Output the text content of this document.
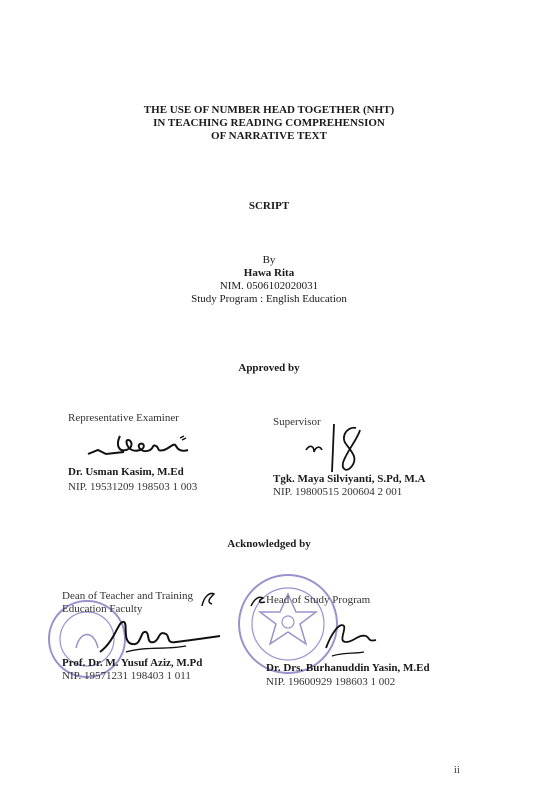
THE USE OF NUMBER HEAD TOGETHER (NHT)
IN TEACHING READING COMPREHENSION
OF NARRATIVE TEXT
SCRIPT
By
Hawa Rita
NIM. 0506102020031
Study Program : English Education
Approved by
Representative Examiner
Dr. Usman Kasim, M.Ed
NIP. 19531209 198503 1 003
Supervisor
Tgk. Maya Silviyanti, S.Pd, M.A
NIP. 19800515 200604 2 001
Acknowledged by
Dean of Teacher and Training
Education Faculty
Prof. Dr. M. Yusuf Aziz, M.Pd
NIP. 19571231 198403 1 011
Head of Study Program
Dr. Drs. Burhanuddin Yasin, M.Ed
NIP. 19600929 198603 1 002
ii
